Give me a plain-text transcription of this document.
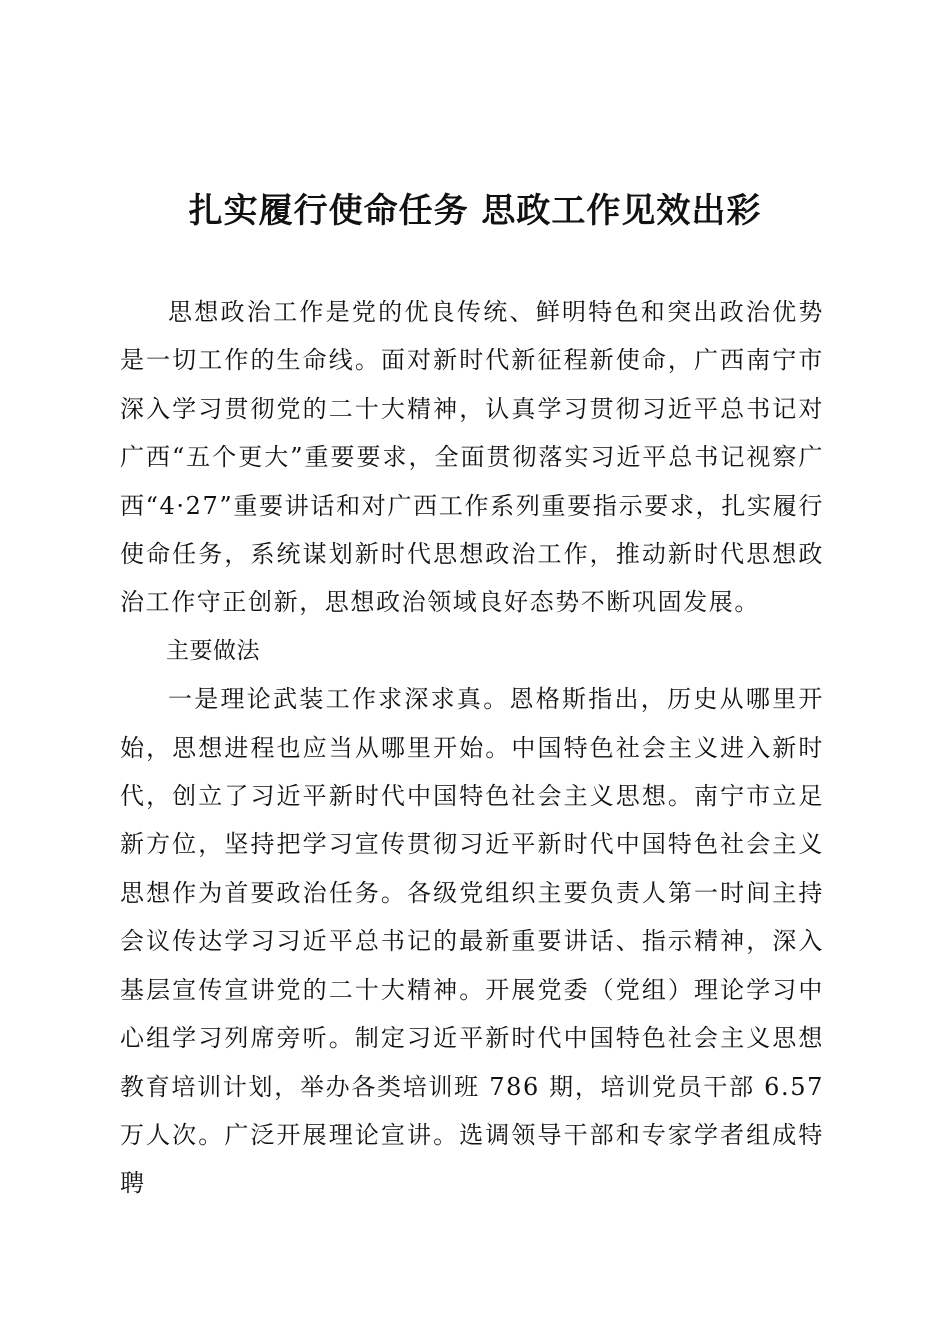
扎实履行使命任务 思政工作见效出彩

思想政治工作是党的优良传统、鲜明特色和突出政治优势是一切工作的生命线。面对新时代新征程新使命，广西南宁市深入学习贯彻党的二十大精神，认真学习贯彻习近平总书记对广西“五个更大”重要要求，全面贯彻落实习近平总书记视察广西“4·27”重要讲话和对广西工作系列重要指示要求，扎实履行使命任务，系统谋划新时代思想政治工作，推动新时代思想政治工作守正创新，思想政治领域良好态势不断巩固发展。

主要做法

一是理论武装工作求深求真。恩格斯指出，历史从哪里开始，思想进程也应当从哪里开始。中国特色社会主义进入新时代，创立了习近平新时代中国特色社会主义思想。南宁市立足新方位，坚持把学习宣传贯彻习近平新时代中国特色社会主义思想作为首要政治任务。各级党组织主要负责人第一时间主持会议传达学习习近平总书记的最新重要讲话、指示精神，深入基层宣传宣讲党的二十大精神。开展党委（党组）理论学习中心组学习列席旁听。制定习近平新时代中国特色社会主义思想教育培训计划，举办各类培训班 786 期，培训党员干部 6.57 万人次。广泛开展理论宣讲。选调领导干部和专家学者组成特聘
